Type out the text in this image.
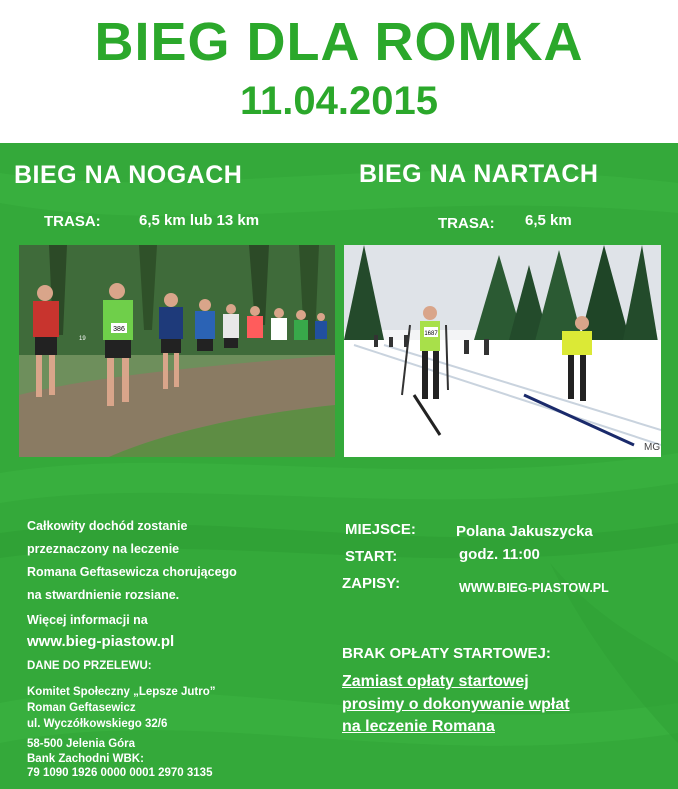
BIEG DLA ROMKA
11.04.2015
BIEG NA NOGACH	BIEG NA NARTACH
TRASA:	6,5 km lub 13 km	TRASA: 6,5 km
386
19
1687
MG
Całkowity dochód zostanie
przeznaczony na leczenie
Romana Geftasewicza chorującego
na stwardnienie rozsiane.
Więcej informacji na
www.bieg-piastow.pl
DANE DO PRZELEWU:
Komitet Społeczny „Lepsze Jutro”
Roman Geftasewicz
ul. Wyczółkowskiego 32/6
58-500 Jelenia Góra
Bank Zachodni WBK:
79 1090 1926 0000 0001 2970 3135
MIEJSCE:	Polana Jakuszycka
START:	godz. 11:00
ZAPISY:	WWW.BIEG-PIASTOW.PL
BRAK OPŁATY STARTOWEJ:
Zamiast opłaty startowej
prosimy o dokonywanie wpłat
na leczenie Romana
